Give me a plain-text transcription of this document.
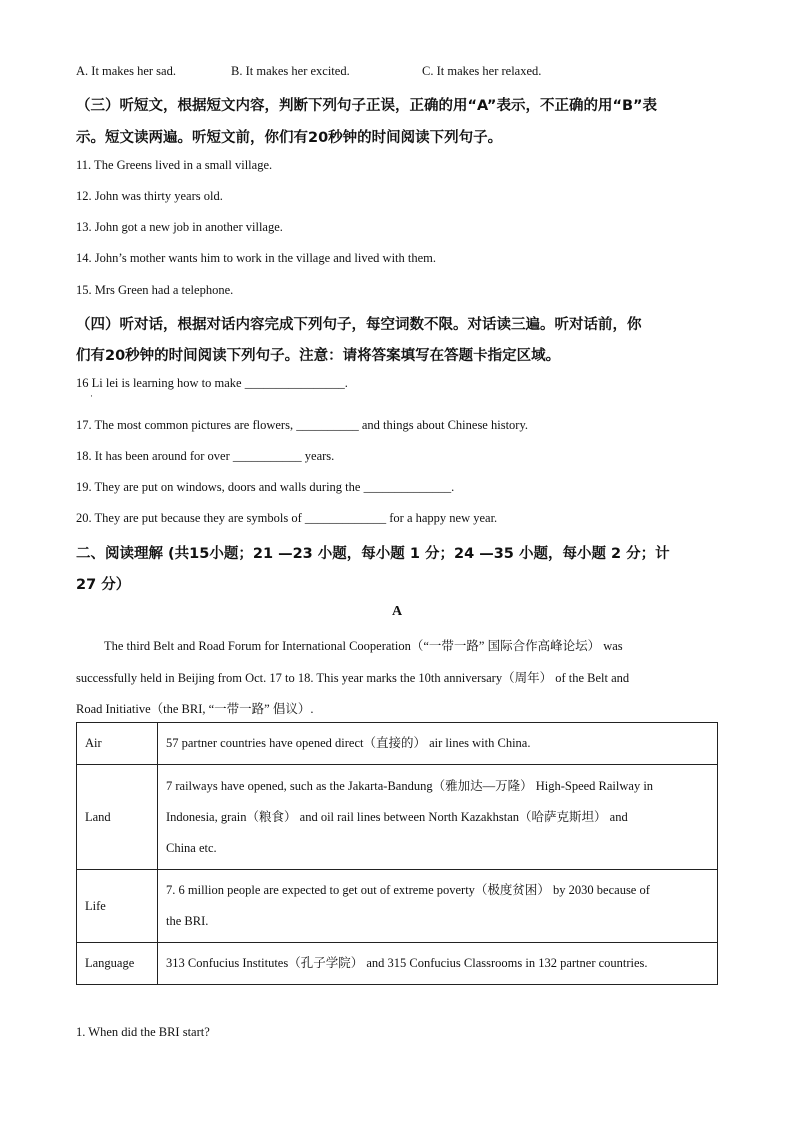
A. It makes her sad.	B. It makes her excited.	C. It makes her relaxed.
（三）听短文，根据短文内容，判断下列句子正误，正确的用“A”表示，不正确的用“B”表
示。短文读两遍。听短文前，你们有20秒钟的时间阅读下列句子。
11. The Greens lived in a small village.
12. John was thirty years old.
13. John got a new job in another village.
14. John’s mother wants him to work in the village and lived with them.
15. Mrs Green had a telephone.
（四）听对话，根据对话内容完成下列句子，每空词数不限。对话读三遍。听对话前，你
们有20秒钟的时间阅读下列句子。注意：请将答案填写在答题卡指定区域。
16 Li lei is learning how to make ________________.
·
17. The most common pictures are flowers, __________ and things about Chinese history.
18. It has been around for over ___________ years.
19. They are put on windows, doors and walls during the ______________.
20. They are put because they are symbols of _____________ for a happy new year.
二、阅读理解 (共15小题；21 —23 小题，每小题 1 分；24 —35 小题，每小题 2 分；计
27 分）
A
The third Belt and Road Forum for International Cooperation（“一带一路” 国际合作高峰论坛） was
successfully held in Beijing from Oct. 17 to 18. This year marks the 10th anniversary（周年） of the Belt and
Road Initiative（the BRI, “一带一路” 倡议）.
Air	57 partner countries have opened direct（直接的） air lines with China.

Land	7 railways have opened, such as the Jakarta-Bandung（雅加达—万隆） High-Speed Railway in
Indonesia, grain（粮食） and oil rail lines between North Kazakhstan（哈萨克斯坦） and
China etc.

Life	7. 6 million people are expected to get out of extreme poverty（极度贫困） by 2030 because of
the BRI.

Language	313 Confucius Institutes（孔子学院） and 315 Confucius Classrooms in 132 partner countries.
1. When did the BRI start?
